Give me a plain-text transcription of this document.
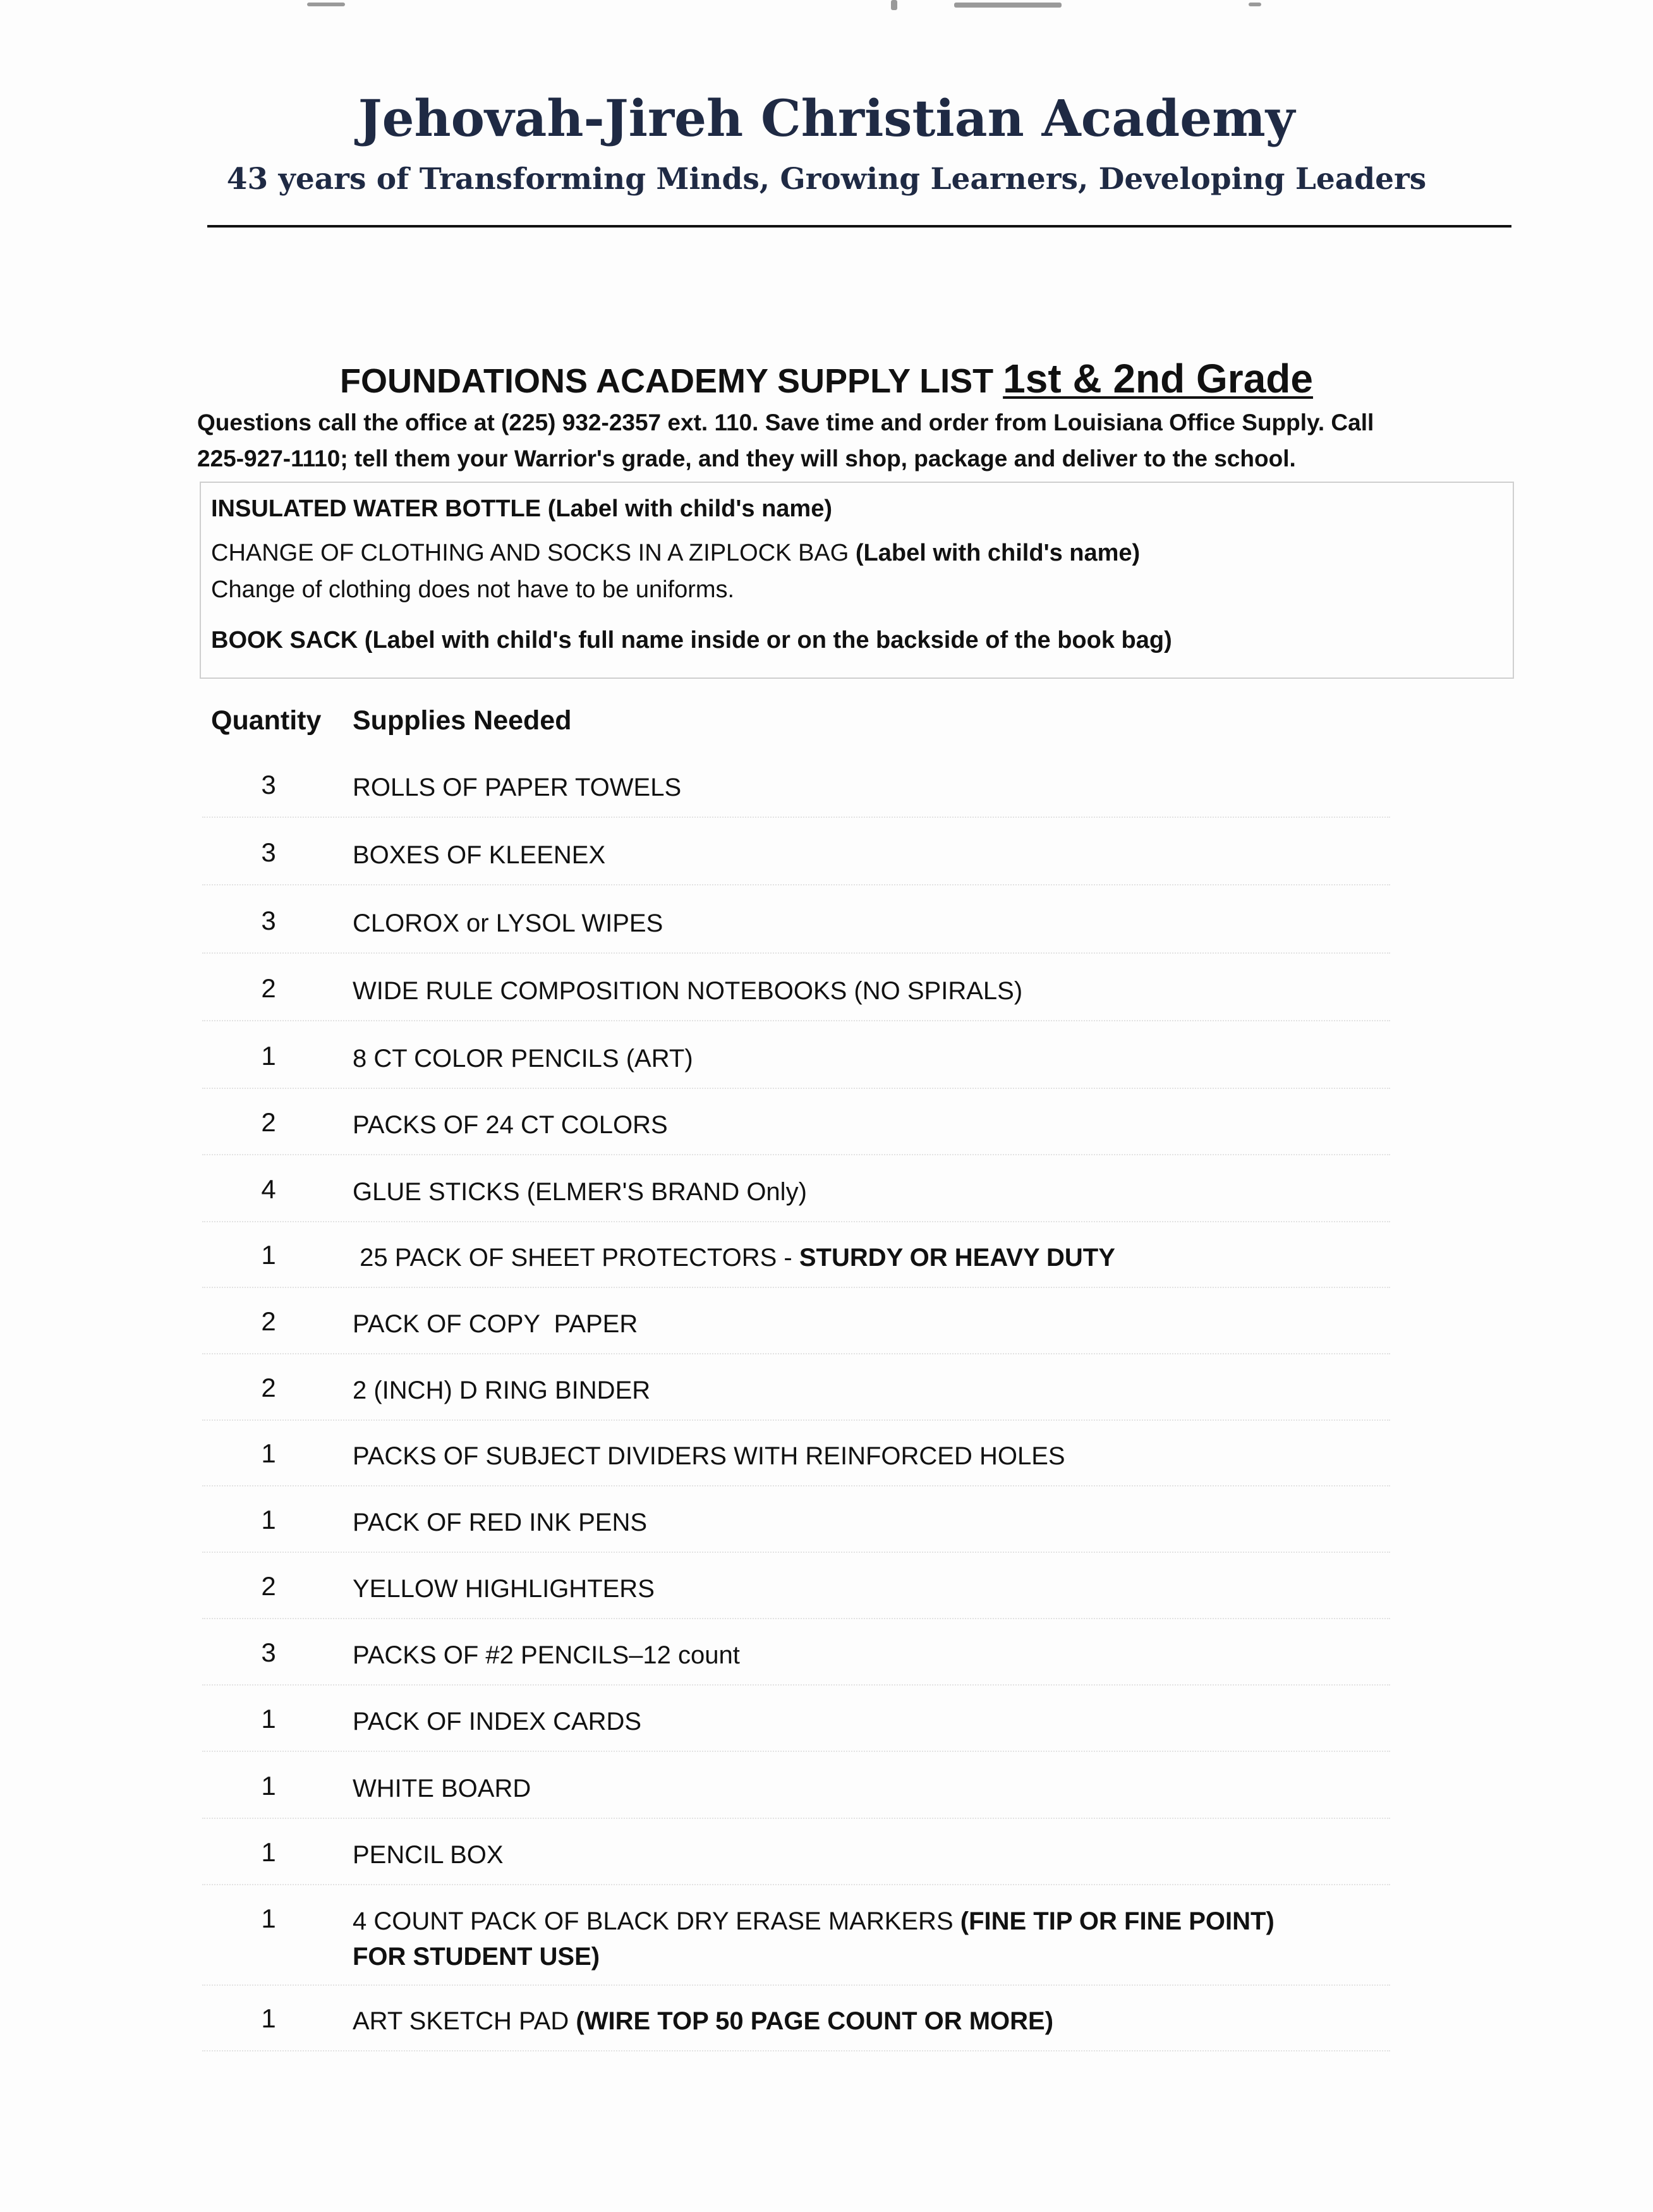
Jehovah-Jireh Christian Academy
43 years of Transforming Minds, Growing Learners, Developing Leaders
FOUNDATIONS ACADEMY SUPPLY LIST 1st & 2nd Grade
Questions call the office at (225) 932-2357 ext. 110. Save time and order from Louisiana Office Supply. Call
225-927-1110; tell them your Warrior's grade, and they will shop, package and deliver to the school.
INSULATED WATER BOTTLE (Label with child's name)
CHANGE OF CLOTHING AND SOCKS IN A ZIPLOCK BAG (Label with child's name)
Change of clothing does not have to be uniforms.
BOOK SACK (Label with child's full name inside or on the backside of the book bag)
Quantity Supplies Needed
3	ROLLS OF PAPER TOWELS
3	BOXES OF KLEENEX
3	CLOROX or LYSOL WIPES
2	WIDE RULE COMPOSITION NOTEBOOKS (NO SPIRALS)
1	8 CT COLOR PENCILS (ART)
2	PACKS OF 24 CT COLORS
4	GLUE STICKS (ELMER'S BRAND Only)
1	25 PACK OF SHEET PROTECTORS - STURDY OR HEAVY DUTY
2	PACK OF COPY  PAPER
2	2 (INCH) D RING BINDER
1	PACKS OF SUBJECT DIVIDERS WITH REINFORCED HOLES
1	PACK OF RED INK PENS
2	YELLOW HIGHLIGHTERS
3	PACKS OF #2 PENCILS–12 count
1	PACK OF INDEX CARDS
1	WHITE BOARD
1	PENCIL BOX
1	4 COUNT PACK OF BLACK DRY ERASE MARKERS (FINE TIP OR FINE POINT) FOR STUDENT USE)
1	ART SKETCH PAD (WIRE TOP 50 PAGE COUNT OR MORE)
